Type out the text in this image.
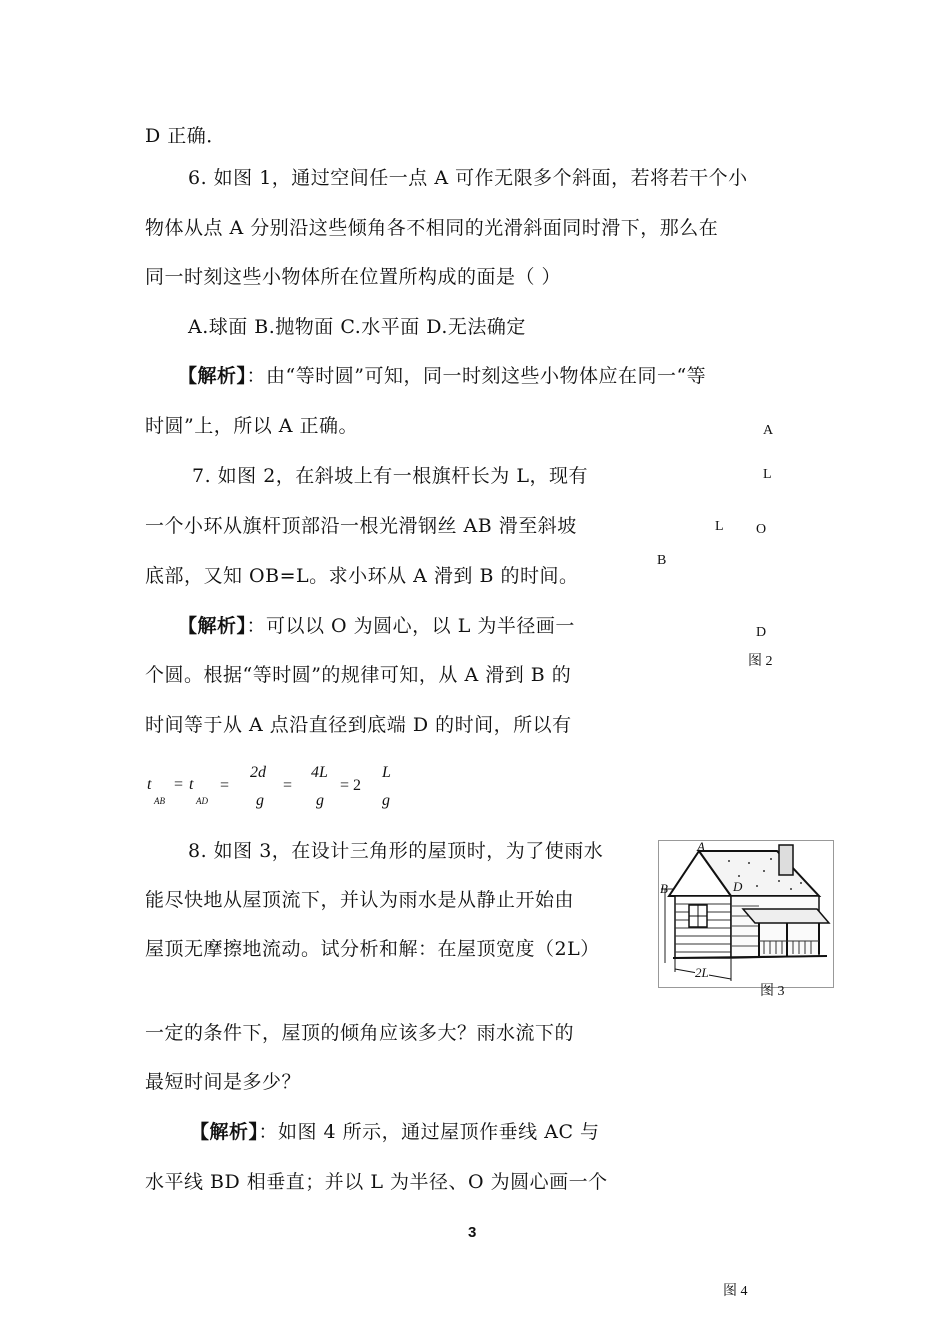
D 正确．
6. 如图 1，通过空间任一点 A 可作无限多个斜面，若将若干个小
物体从点 A 分别沿这些倾角各不相同的光滑斜面同时滑下，那么在
同一时刻这些小物体所在位置所构成的面是（ ）
A.球面 B.抛物面 C.水平面 D.无法确定
【解析】：由“等时圆”可知，同一时刻这些小物体应在同一“等
时圆”上，所以 A 正确。
7. 如图 2，在斜坡上有一根旗杆长为 L，现有
一个小环从旗杆顶部沿一根光滑钢丝 AB 滑至斜坡
底部，又知 OB=L。求小环从 A 滑到 B 的时间。
【解析】：可以以 O 为圆心，以 L 为半径画一
个圆。根据“等时圆”的规律可知，从 A 滑到 B 的
时间等于从 A 点沿直径到底端 D 的时间，所以有
t
AB
= t
AD
=
2d
g
=
4L
g
= 2
L
g
8. 如图 3，在设计三角形的屋顶时，为了使雨水
能尽快地从屋顶流下，并认为雨水是从静止开始由
屋顶无摩擦地流动。试分析和解：在屋顶宽度（2L）
一定的条件下，屋顶的倾角应该多大？雨水流下的
最短时间是多少？
【解析】：如图 4 所示，通过屋顶作垂线 AC 与
水平线 BD 相垂直；并以 L 为半径、O 为圆心画一个
A
L
L O
B
D
图 2
A
B	D
2L
图 3
3
图 4
